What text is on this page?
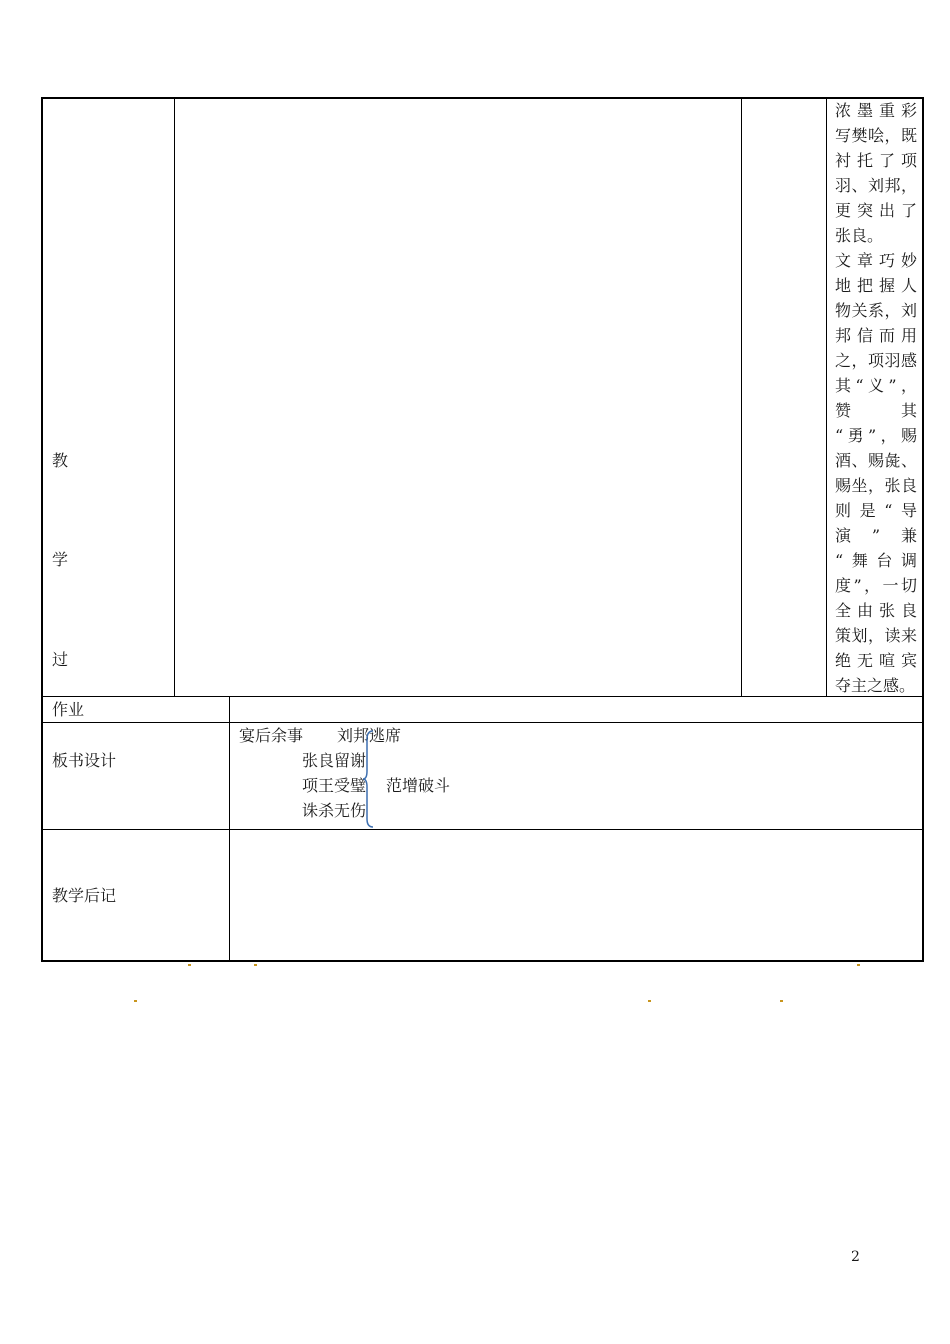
教
学
过
浓墨重彩
写樊哙，既
衬托了项
羽、刘邦，
更突出了
张良。
文章巧妙
地把握人
物关系，刘
邦信而用
之，项羽感
其“义”，
赞　　其
“勇”，赐
酒、赐彘、
赐坐，张良
则是“导
演　”　兼
“舞台调
度”，一切
全由张良
策划，读来
绝无喧宾
夺主之感。
作业
板书设计
宴后余事 刘邦逃席
张良留谢
项王受璧
诛杀无伤
范增破斗
教学后记
2
